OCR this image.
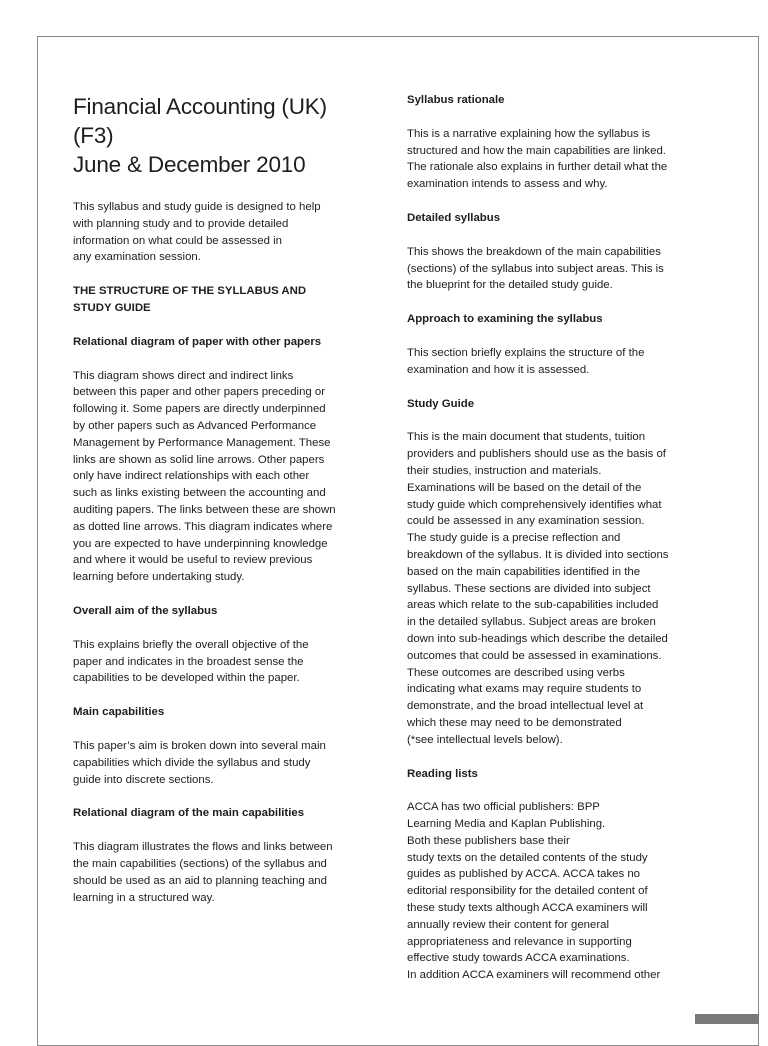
Financial Accounting (UK)
(F3)
June & December 2010

This syllabus and study guide is designed to help
with planning study and to provide detailed
information on what could be assessed in
any examination session.

THE STRUCTURE OF THE SYLLABUS AND
STUDY GUIDE

Relational diagram of paper with other papers

This diagram shows direct and indirect links
between this paper and other papers preceding or
following it. Some papers are directly underpinned
by other papers such as Advanced Performance
Management by Performance Management. These
links are shown as solid line arrows. Other papers
only have indirect relationships with each other
such as links existing between the accounting and
auditing papers. The links between these are shown
as dotted line arrows. This diagram indicates where
you are expected to have underpinning knowledge
and where it would be useful to review previous
learning before undertaking study.

Overall aim of the syllabus

This explains briefly the overall objective of the
paper and indicates in the broadest sense the
capabilities to be developed within the paper.

Main capabilities

This paper’s aim is broken down into several main
capabilities which divide the syllabus and study
guide into discrete sections.

Relational diagram of the main capabilities

This diagram illustrates the flows and links between
the main capabilities (sections) of the syllabus and
should be used as an aid to planning teaching and
learning in a structured way.

Syllabus rationale

This is a narrative explaining how the syllabus is
structured and how the main capabilities are linked.
The rationale also explains in further detail what the
examination intends to assess and why.

Detailed syllabus

This shows the breakdown of the main capabilities
(sections) of the syllabus into subject areas. This is
the blueprint for the detailed study guide.

Approach to examining the syllabus

This section briefly explains the structure of the
examination and how it is assessed.

Study Guide

This is the main document that students, tuition
providers and publishers should use as the basis of
their studies, instruction and materials.
Examinations will be based on the detail of the
study guide which comprehensively identifies what
could be assessed in any examination session.
The study guide is a precise reflection and
breakdown of the syllabus. It is divided into sections
based on the main capabilities identified in the
syllabus. These sections are divided into subject
areas which relate to the sub-capabilities included
in the detailed syllabus. Subject areas are broken
down into sub-headings which describe the detailed
outcomes that could be assessed in examinations.
These outcomes are described using verbs
indicating what exams may require students to
demonstrate, and the broad intellectual level at
which these may need to be demonstrated
(*see intellectual levels below).

Reading lists

ACCA has two official publishers: BPP
Learning Media and Kaplan Publishing.
Both these publishers base their
study texts on the detailed contents of the study
guides as published by ACCA. ACCA takes no
editorial responsibility for the detailed content of
these study texts although ACCA examiners will
annually review their content for general
appropriateness and relevance in supporting
effective study towards ACCA examinations.
In addition ACCA examiners will recommend other
